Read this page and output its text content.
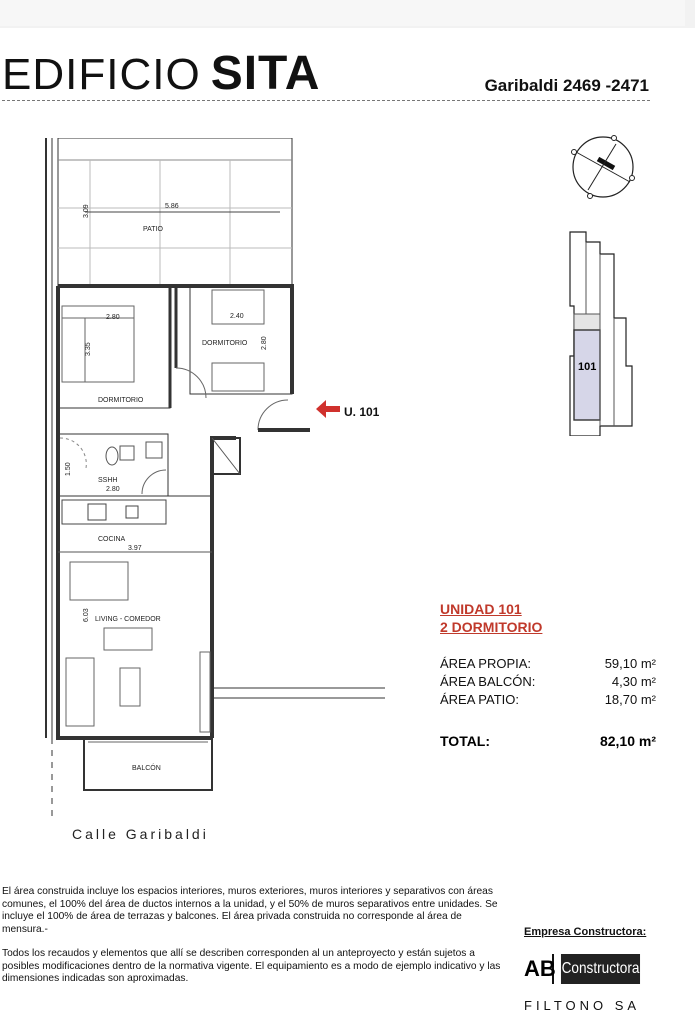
EDIFICIO SITA	Garibaldi 2469 -2471
5.86
PATIO
3.09
2.80
3.35
DORMITORIO
2.40
DORMITORIO 2.80
1.50
SSHH
2.80
COCINA
3.97
6.03 LIVING - COMEDOR
BALCÓN
U. 101
101
UNIDAD 101
2 DORMITORIO
ÁREA PROPIA:	59,10 m²
ÁREA BALCÓN:	4,30 m²
ÁREA PATIO:	18,70 m²
TOTAL:	82,10 m²
Calle Garibaldi

El área construida incluye los espacios interiores, muros exteriores, muros interiores y separativos con áreas comunes, el 100% del área de ductos internos a la unidad, y el 50% de muros separativos entre unidades. Se incluye el 100% de área de terrazas y balcones. El área privada construida no corresponde al área de mensura.-

Todos los recaudos y elementos que allí se describen corresponden al un anteproyecto y están sujetos a posibles modificaciones dentro de la normativa vigente. El equipamiento es a modo de ejemplo indicativo y las dimensiones indicadas son aproximadas.

Empresa Constructora:
AB Constructora
FILTONO SA
